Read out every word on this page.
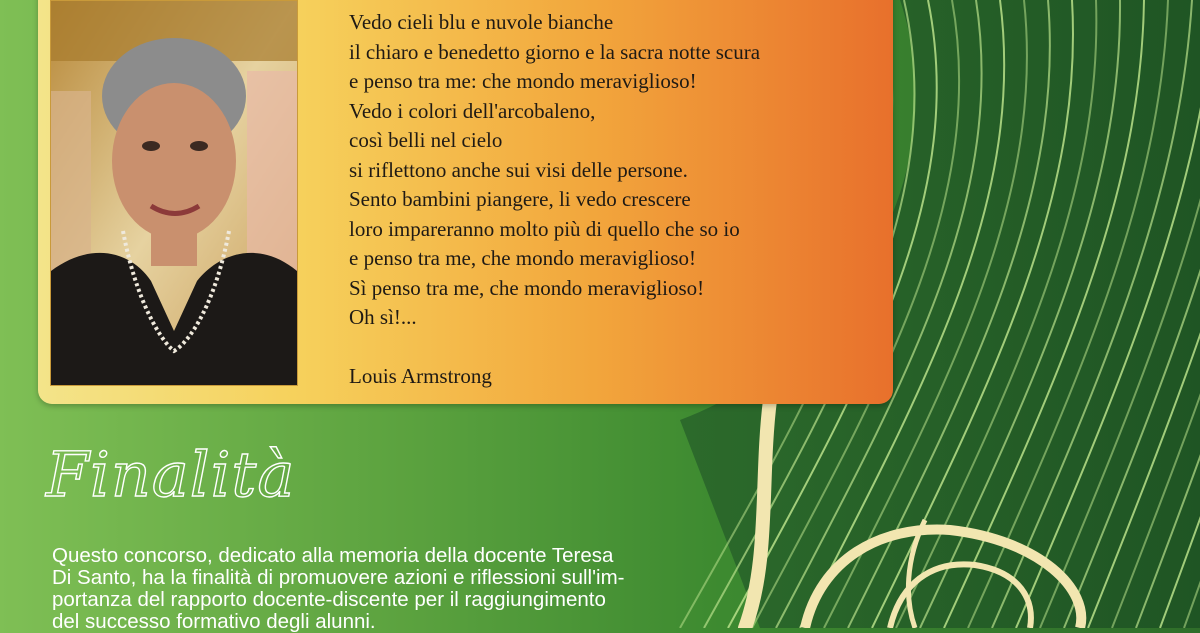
Vedo cieli blu e nuvole bianche
il chiaro e benedetto giorno e la sacra notte scura
e penso tra me: che mondo meraviglioso!
Vedo i colori dell'arcobaleno,
così belli nel cielo
si riflettono anche sui visi delle persone.
Sento bambini piangere, li vedo crescere
loro impareranno molto più di quello che so io
e penso tra me, che mondo meraviglioso!
Sì penso tra me, che mondo meraviglioso!
Oh sì!...
Louis Armstrong
Finalità
Questo concorso, dedicato alla memoria della docente Teresa
Di Santo, ha la finalità di promuovere azioni e riflessioni sull'im-
portanza del rapporto docente-discente per il raggiungimento
del successo formativo degli alunni.
